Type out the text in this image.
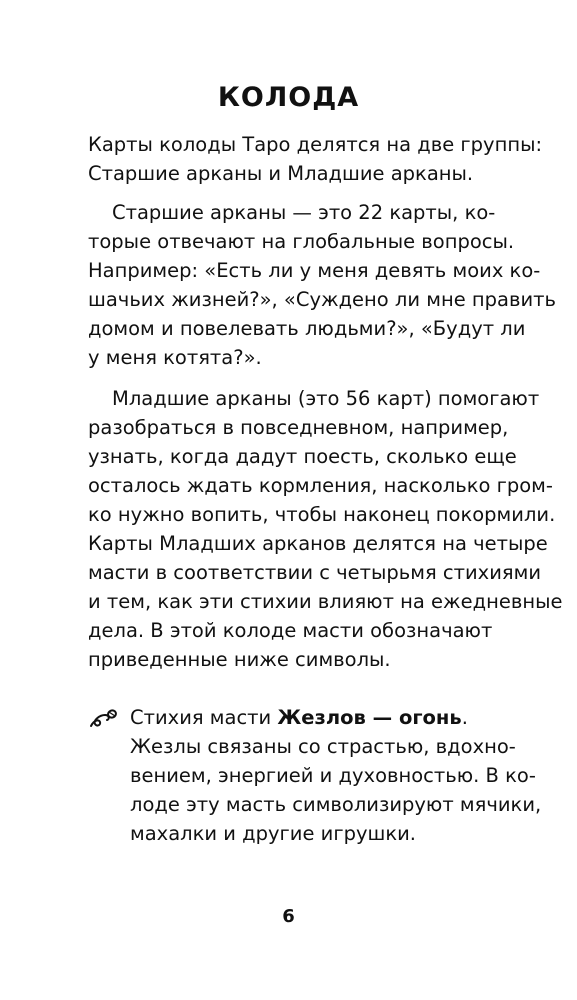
КОЛОДА
Карты колоды Таро делятся на две группы:
Старшие арканы и Младшие арканы.
Старшие арканы — это 22 карты, ко-
торые отвечают на глобальные вопросы.
Например: «Есть ли у меня девять моих ко-
шачьих жизней?», «Суждено ли мне править
домом и повелевать людьми?», «Будут ли
у меня котята?».
Младшие арканы (это 56 карт) помогают
разобраться в повседневном, например,
узнать, когда дадут поесть, сколько еще
осталось ждать кормления, насколько гром-
ко нужно вопить, чтобы наконец покормили.
Карты Младших арканов делятся на четыре
масти в соответствии с четырьмя стихиями
и тем, как эти стихии влияют на ежедневные
дела. В этой колоде масти обозначают
приведенные ниже символы.
Стихия масти Жезлов — огонь.
Жезлы связаны со страстью, вдохно-
вением, энергией и духовностью. В ко-
лоде эту масть символизируют мячики,
махалки и другие игрушки.
6
